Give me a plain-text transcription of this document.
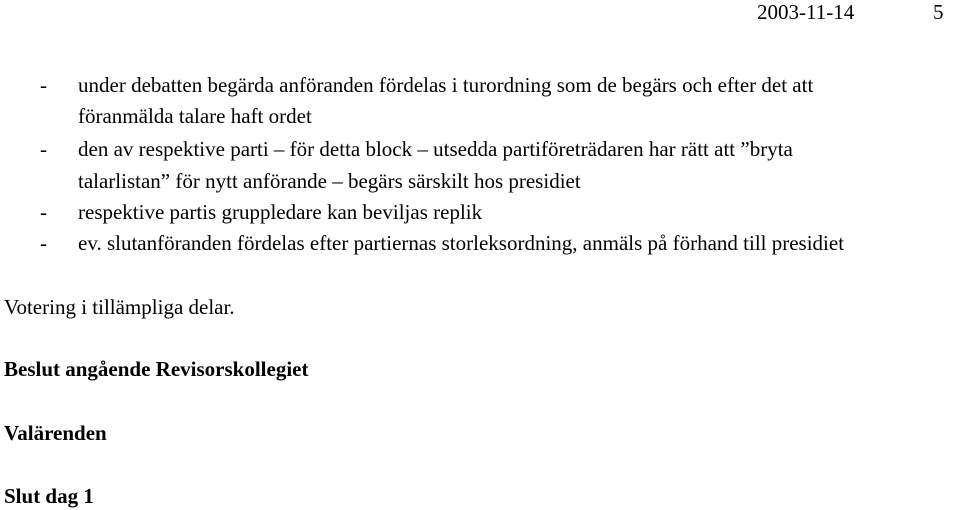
2003-11-14	5
- under debatten begärda anföranden fördelas i turordning som de begärs och efter det att
föranmälda talare haft ordet
- den av respektive parti – för detta block – utsedda partiföreträdaren har rätt att ”bryta
talarlistan” för nytt anförande – begärs särskilt hos presidiet
- respektive partis gruppledare kan beviljas replik
- ev. slutanföranden fördelas efter partiernas storleksordning, anmäls på förhand till presidiet
Votering i tillämpliga delar.
Beslut angående Revisorskollegiet
Valärenden
Slut dag 1
